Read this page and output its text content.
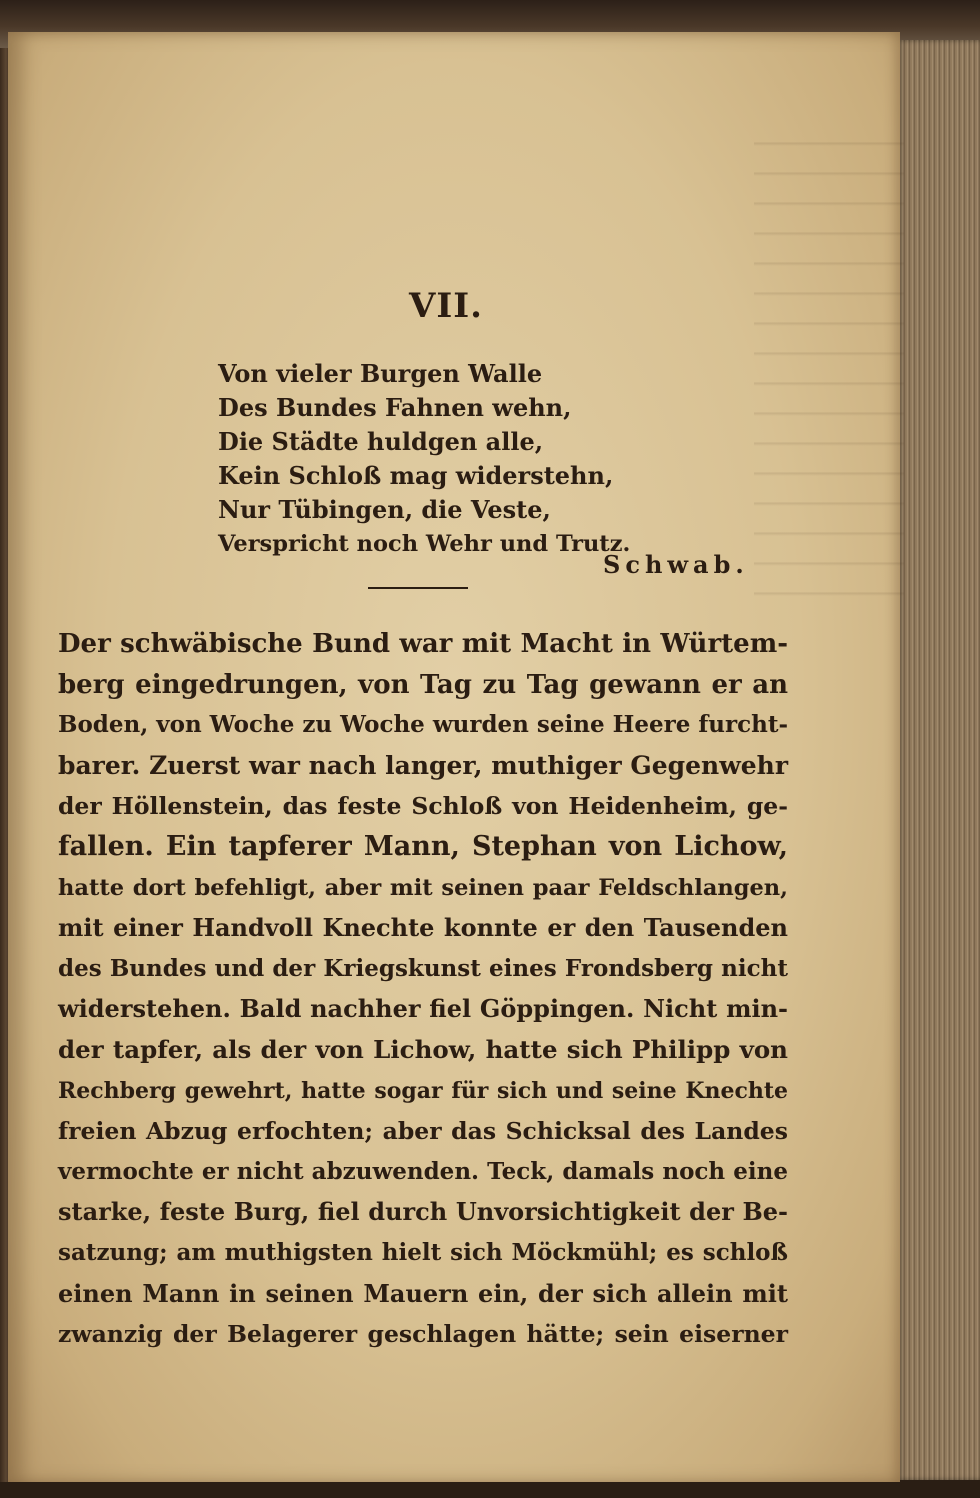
VII.
Von vieler Burgen Walle
Des Bundes Fahnen wehn,
Die Städte huldgen alle,
Kein Schloß mag widerstehn,
Nur Tübingen, die Veste,
Verspricht noch Wehr und Trutz.
Schwab.
Der schwäbische Bund war mit Macht in Würtem-
berg eingedrungen, von Tag zu Tag gewann er an
Boden, von Woche zu Woche wurden seine Heere furcht-
barer. Zuerst war nach langer, muthiger Gegenwehr
der Höllenstein, das feste Schloß von Heidenheim, ge-
fallen. Ein tapferer Mann, Stephan von Lichow,
hatte dort befehligt, aber mit seinen paar Feldschlangen,
mit einer Handvoll Knechte konnte er den Tausenden
des Bundes und der Kriegskunst eines Frondsberg nicht
widerstehen. Bald nachher fiel Göppingen. Nicht min-
der tapfer, als der von Lichow, hatte sich Philipp von
Rechberg gewehrt, hatte sogar für sich und seine Knechte
freien Abzug erfochten; aber das Schicksal des Landes
vermochte er nicht abzuwenden. Teck, damals noch eine
starke, feste Burg, fiel durch Unvorsichtigkeit der Be-
satzung; am muthigsten hielt sich Möckmühl; es schloß
einen Mann in seinen Mauern ein, der sich allein mit
zwanzig der Belagerer geschlagen hätte; sein eiserner
